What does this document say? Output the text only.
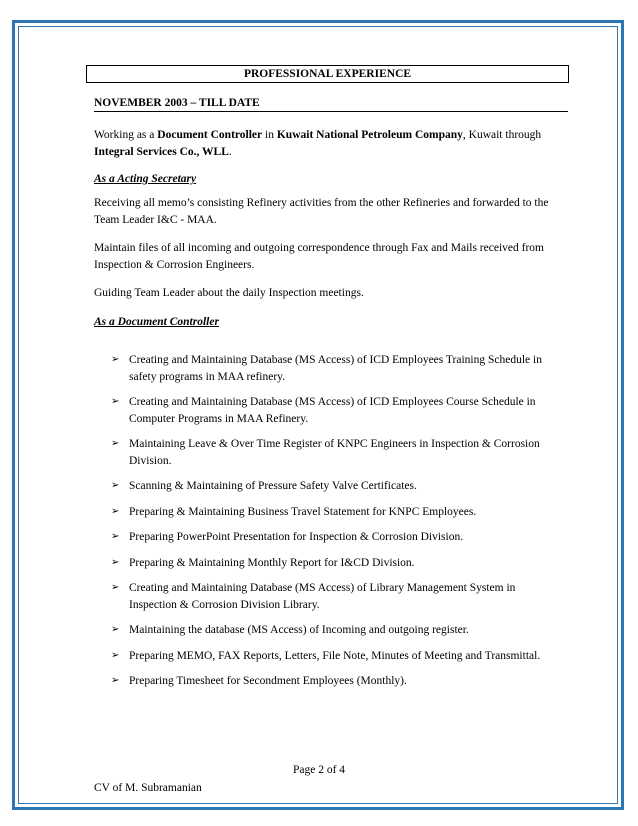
PROFESSIONAL EXPERIENCE
NOVEMBER 2003 – TILL DATE

Working as a Document Controller in Kuwait National Petroleum Company, Kuwait through Integral Services Co., WLL.

As a Acting Secretary

Receiving all memo’s consisting Refinery activities from the other Refineries and forwarded to the Team Leader I&C - MAA.

Maintain files of all incoming and outgoing correspondence through Fax and Mails received from Inspection & Corrosion Engineers.

Guiding Team Leader about the daily Inspection meetings.

As a Document Controller
➢ Creating and Maintaining Database (MS Access) of ICD Employees Training Schedule in safety programs in MAA refinery.
➢ Creating and Maintaining Database (MS Access) of ICD Employees Course Schedule in Computer Programs in MAA Refinery.
➢ Maintaining Leave & Over Time Register of KNPC Engineers in Inspection & Corrosion Division.
➢ Scanning & Maintaining of Pressure Safety Valve Certificates.
➢ Preparing & Maintaining Business Travel Statement for KNPC Employees.
➢ Preparing PowerPoint Presentation for Inspection & Corrosion Division.
➢ Preparing & Maintaining Monthly Report for I&CD Division.
➢ Creating and Maintaining Database (MS Access) of Library Management System in Inspection & Corrosion Division Library.
➢ Maintaining the database (MS Access) of Incoming and outgoing register.
➢ Preparing MEMO, FAX Reports, Letters, File Note, Minutes of Meeting and Transmittal.
➢ Preparing Timesheet for Secondment Employees (Monthly).
Page 2 of 4
CV of M. Subramanian
